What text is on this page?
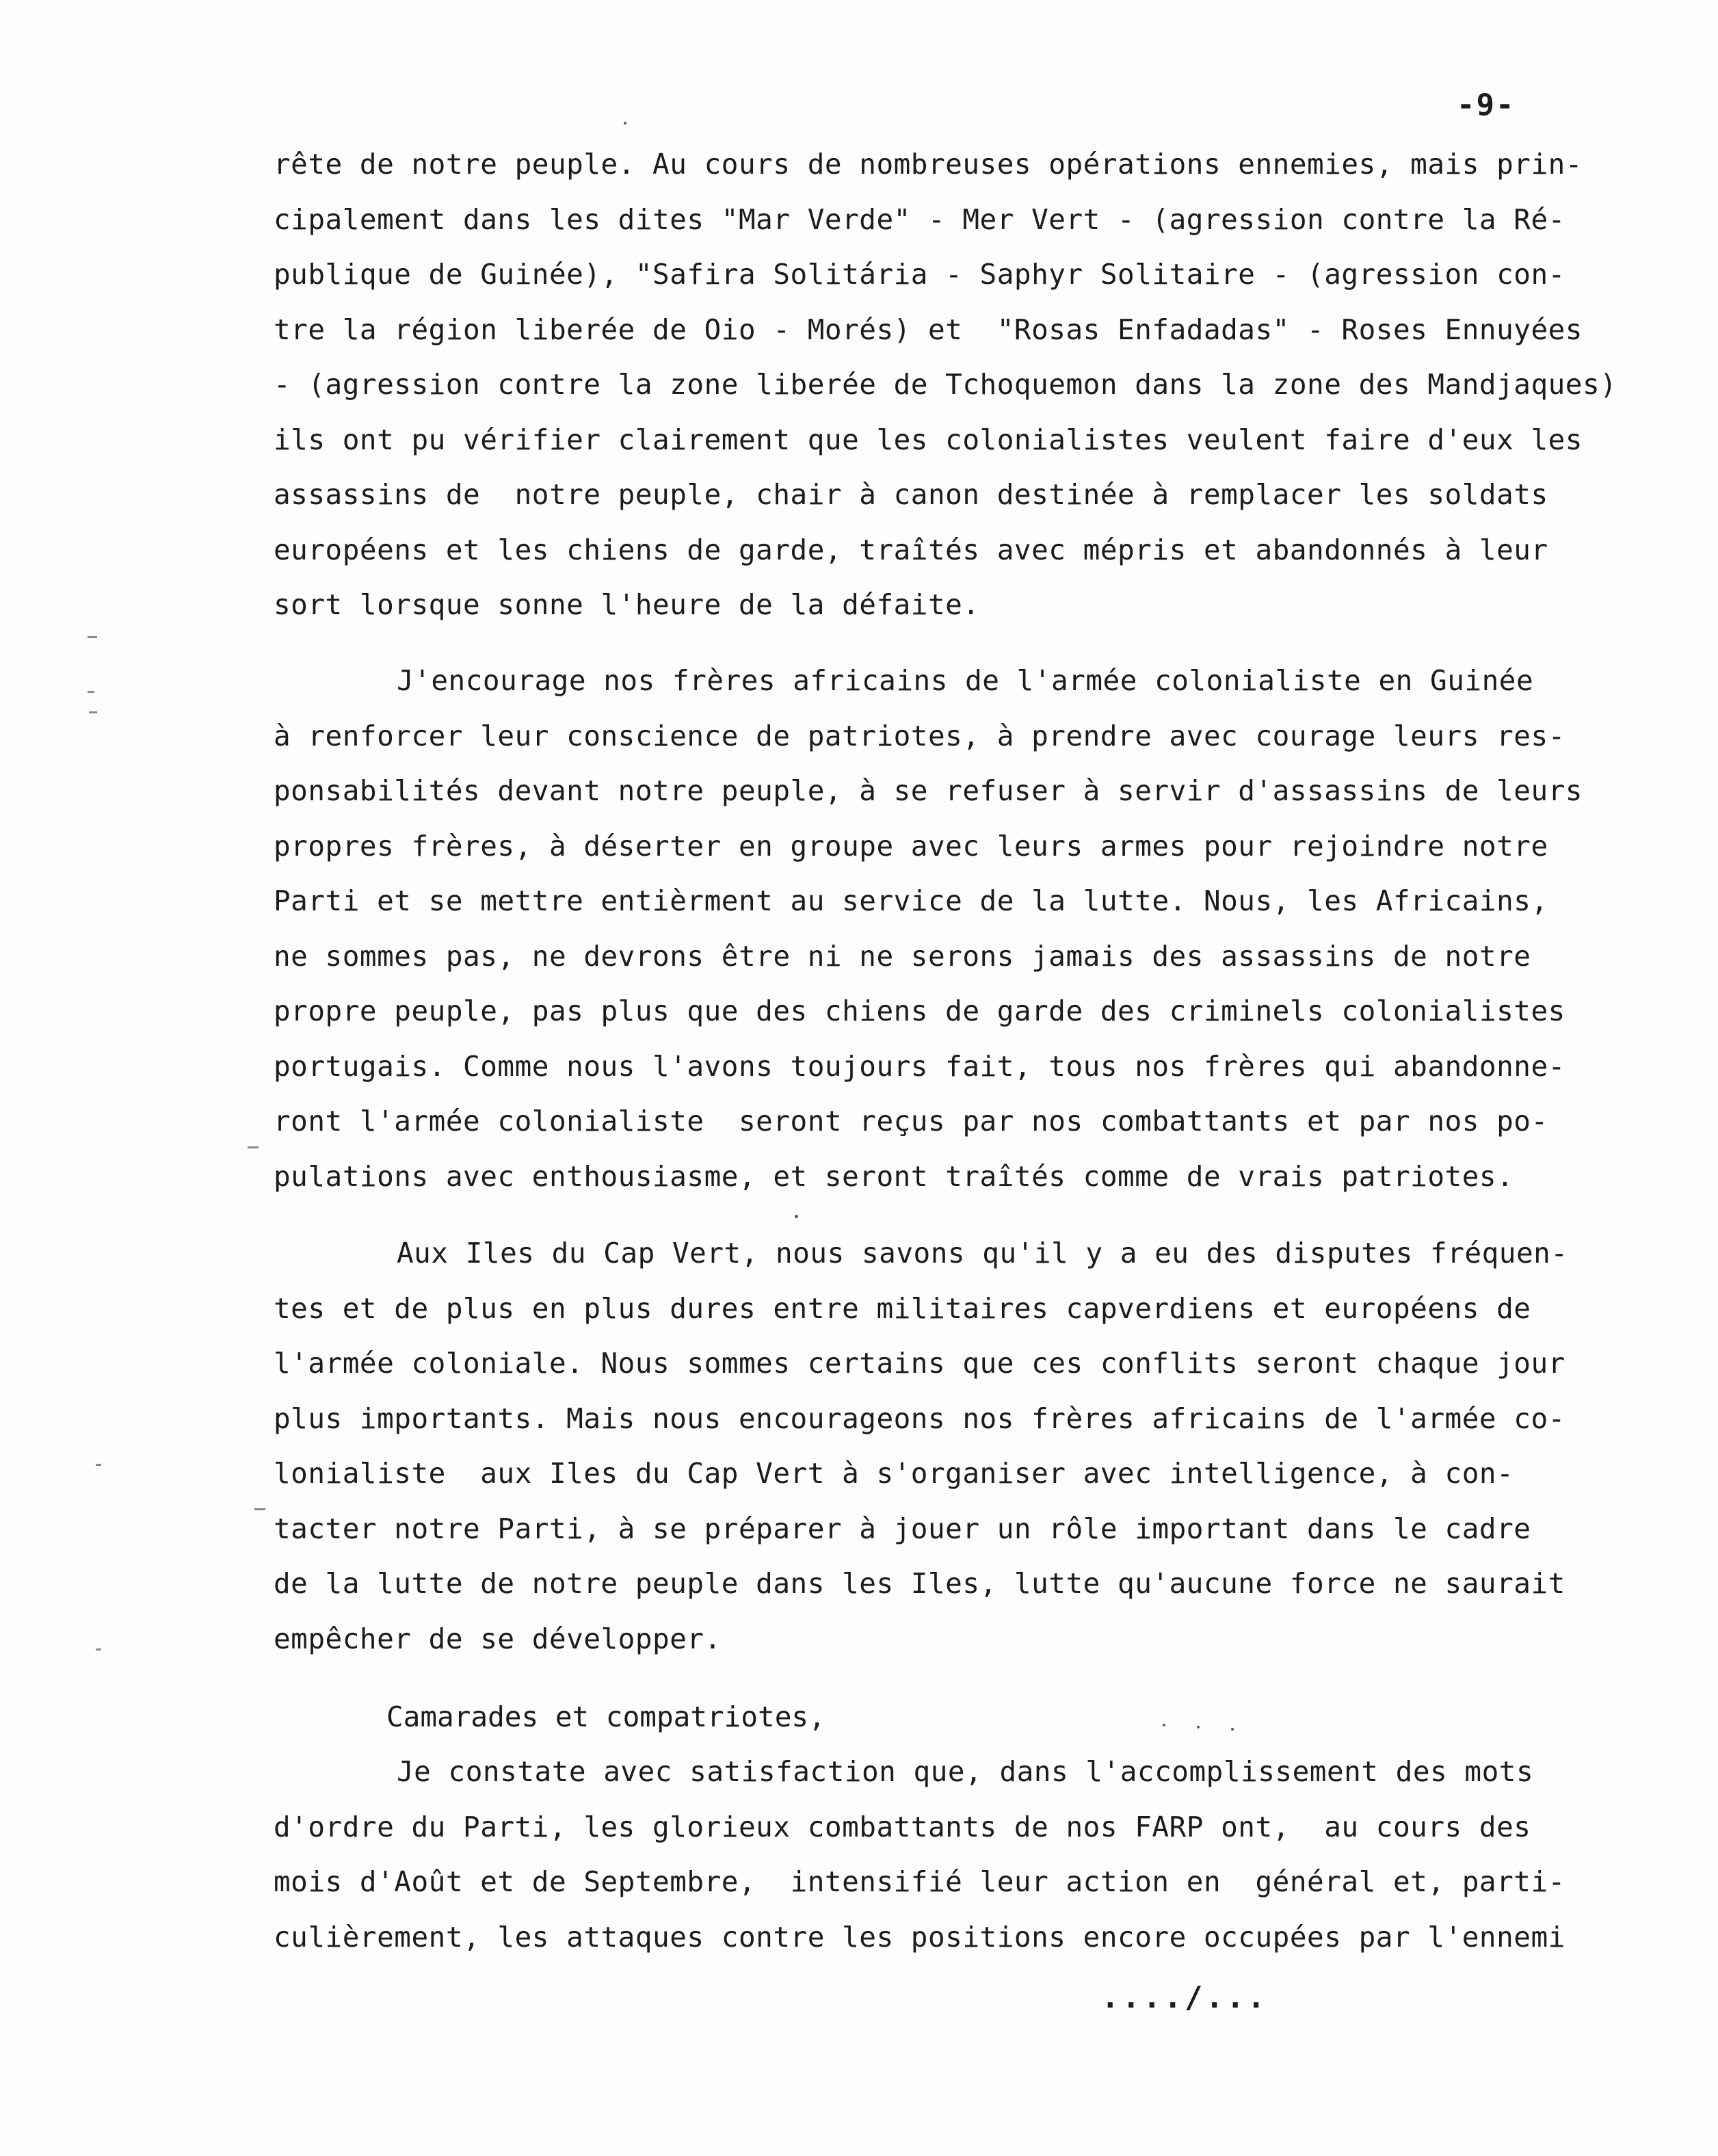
-9-
rête de notre peuple. Au cours de nombreuses opérations ennemies, mais prin-
cipalement dans les dites "Mar Verde" - Mer Vert - (agression contre la Ré-
publique de Guinée), "Safira Solitária - Saphyr Solitaire - (agression con-
tre la région liberée de Oio - Morés) et  "Rosas Enfadadas" - Roses Ennuyées
- (agression contre la zone liberée de Tchoquemon dans la zone des Mandjaques)
ils ont pu vérifier clairement que les colonialistes veulent faire d'eux les
assassins de  notre peuple, chair à canon destinée à remplacer les soldats
européens et les chiens de garde, traîtés avec mépris et abandonnés à leur
sort lorsque sonne l'heure de la défaite.
J'encourage nos frères africains de l'armée colonialiste en Guinée
à renforcer leur conscience de patriotes, à prendre avec courage leurs res-
ponsabilités devant notre peuple, à se refuser à servir d'assassins de leurs
propres frères, à déserter en groupe avec leurs armes pour rejoindre notre
Parti et se mettre entièrment au service de la lutte. Nous, les Africains,
ne sommes pas, ne devrons être ni ne serons jamais des assassins de notre
propre peuple, pas plus que des chiens de garde des criminels colonialistes
portugais. Comme nous l'avons toujours fait, tous nos frères qui abandonne-
ront l'armée colonialiste  seront reçus par nos combattants et par nos po-
pulations avec enthousiasme, et seront traîtés comme de vrais patriotes.
Aux Iles du Cap Vert, nous savons qu'il y a eu des disputes fréquen-
tes et de plus en plus dures entre militaires capverdiens et européens de
l'armée coloniale. Nous sommes certains que ces conflits seront chaque jour
plus importants. Mais nous encourageons nos frères africains de l'armée co-
lonialiste  aux Iles du Cap Vert à s'organiser avec intelligence, à con-
tacter notre Parti, à se préparer à jouer un rôle important dans le cadre
de la lutte de notre peuple dans les Iles, lutte qu'aucune force ne saurait
empêcher de se développer.
Camarades et compatriotes,
Je constate avec satisfaction que, dans l'accomplissement des mots
d'ordre du Parti, les glorieux combattants de nos FARP ont,  au cours des
mois d'Août et de Septembre,  intensifié leur action en  général et, parti-
culièrement, les attaques contre les positions encore occupées par l'ennemi
..../...
